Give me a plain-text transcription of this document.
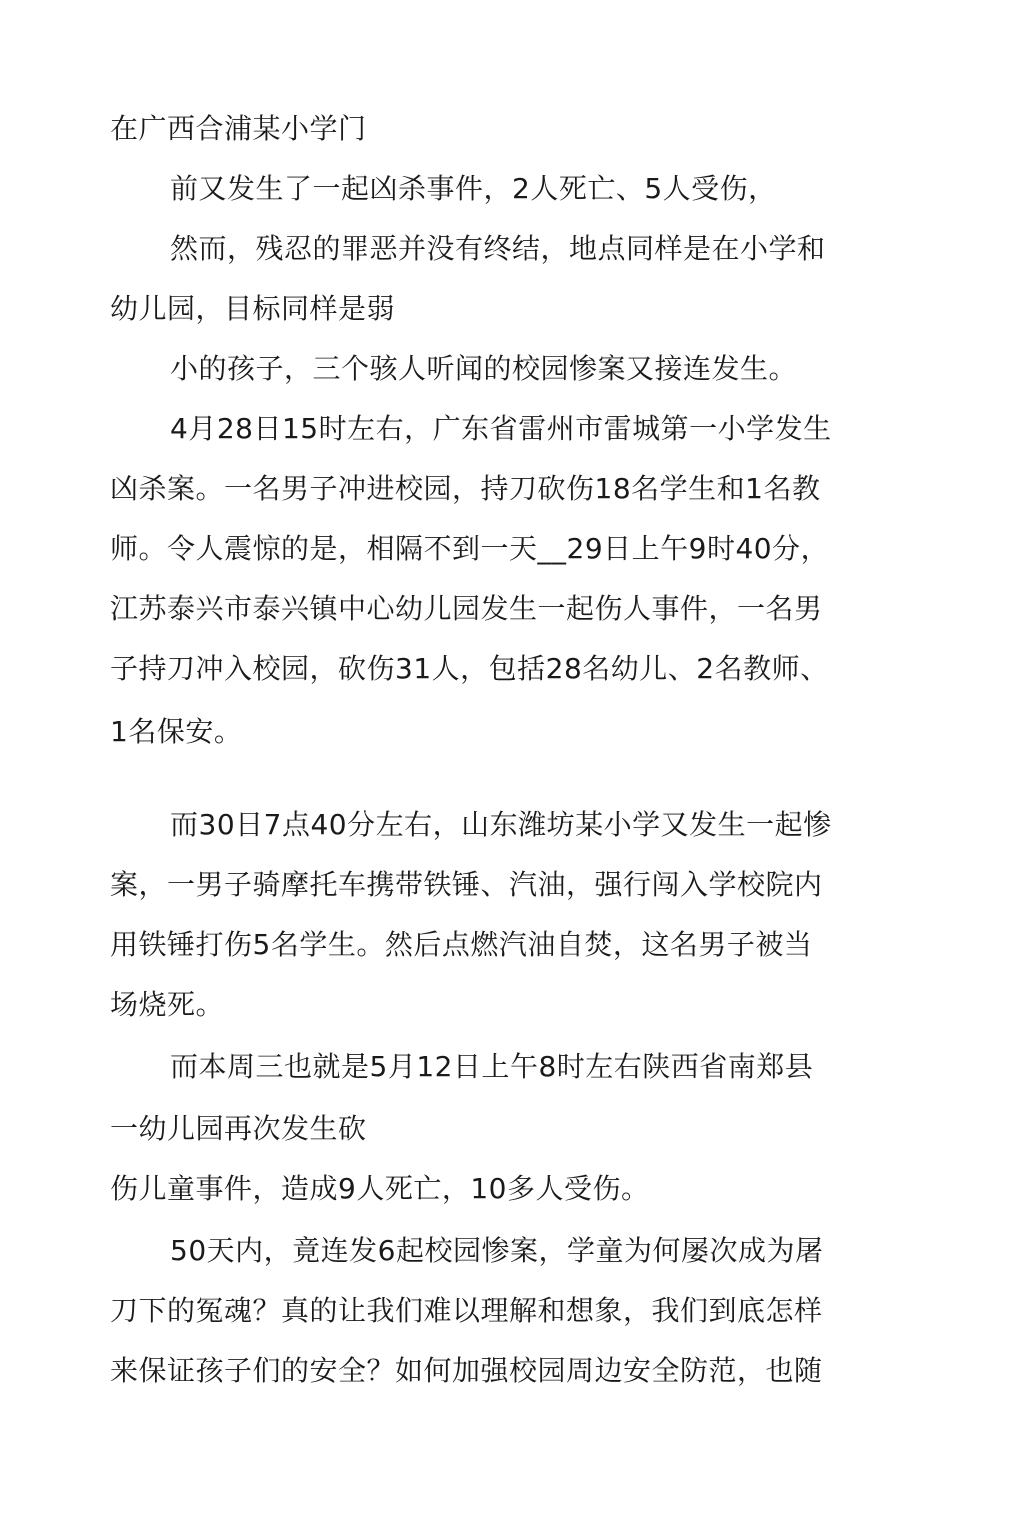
在广西合浦某小学门
前又发生了一起凶杀事件，2人死亡、5人受伤，
然而，残忍的罪恶并没有终结，地点同样是在小学和
幼儿园，目标同样是弱
小的孩子，三个骇人听闻的校园惨案又接连发生。
4月28日15时左右，广东省雷州市雷城第一小学发生
凶杀案。一名男子冲进校园，持刀砍伤18名学生和1名教
师。令人震惊的是，相隔不到一天__29日上午9时40分，
江苏泰兴市泰兴镇中心幼儿园发生一起伤人事件，一名男
子持刀冲入校园，砍伤31人，包括28名幼儿、2名教师、
1名保安。
而30日7点40分左右，山东潍坊某小学又发生一起惨
案，一男子骑摩托车携带铁锤、汽油，强行闯入学校院内
用铁锤打伤5名学生。然后点燃汽油自焚，这名男子被当
场烧死。
而本周三也就是5月12日上午8时左右陕西省南郑县
一幼儿园再次发生砍
伤儿童事件，造成9人死亡，10多人受伤。
50天内，竟连发6起校园惨案，学童为何屡次成为屠
刀下的冤魂？真的让我们难以理解和想象，我们到底怎样
来保证孩子们的安全？如何加强校园周边安全防范，也随
